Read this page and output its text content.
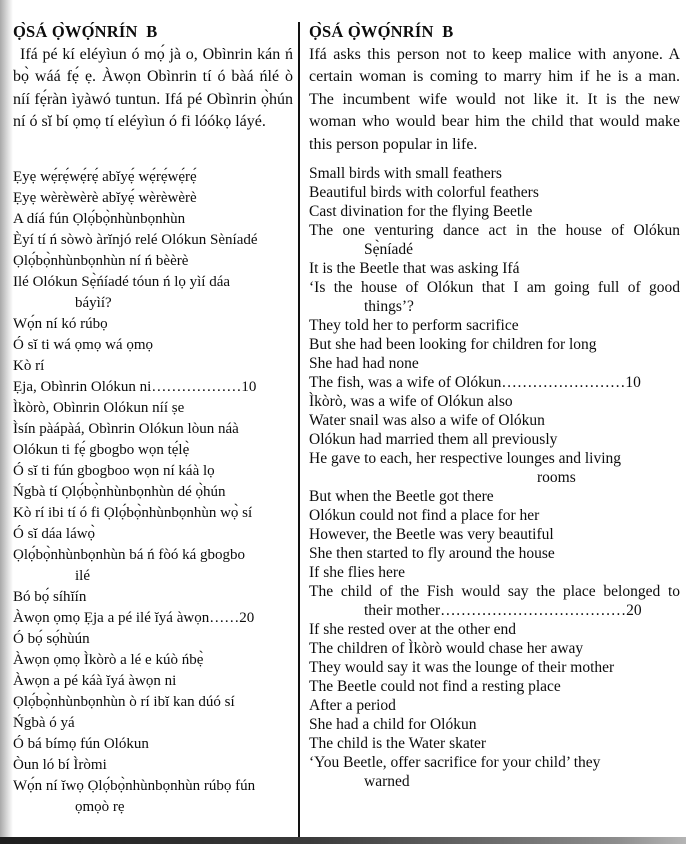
Ọ̀SÁ Ọ̀WỌ́NRÍN  B

Ifá pé kí eléyìun ó mọ́ jà o, Obìnrin kán ń bọ̀ wáá fẹ́ ẹ. Àwọn Obìnrin tí ó bàá ńlé ò níí fẹ́ràn ìyàwó tuntun. Ifá pé Obìnrin ọ̀hún ní ó sĭ bí ọmọ tí eléyìun ó fi lóókọ láyé.

Ẹyẹ wẹ́rẹ́wẹ́rẹ́ abĭyẹ́ wẹ́rẹ́wẹ́rẹ́
Ẹyẹ wèrèwèrè abĭyẹ́ wèrèwèrè
A díá fún Ọlọ́bọ̀nhùnbọnhùn
Èyí tí ń sòwò àrĭnjó relé Olókun Sèníadé
Ọlọ́bọ̀nhùnbọnhùn ní ń bèèrè
Ilé Olókun Sẹ̀ńíadé tóun ń lọ yìí dáa
báyìí?
Wọ́n ní kó rúbọ
Ó sĭ ti wá ọmọ wá ọmọ
Kò rí
Ẹja, Obìnrin Olókun ni………………10
Ìkòrò, Obìnrin Olókun níí ṣe
Ìsín pàápàá, Obìnrin Olókun lòun náà
Olókun ti fẹ́ gbogbo wọn tẹ́lẹ̀
Ó sĭ ti fún gbogboo wọn ní káà lọ
Ńgbà tí Ọlọ́bọ̀nhùnbọnhùn dé ọ̀hún
Kò rí ibi tí ó fi Ọlọ́bọ̀nhùnbọnhùn wọ̀ sí
Ó sĭ dáa láwọ̀
Ọlọ́bọ̀nhùnbọnhùn bá ń fòó ká gbogbo
ilé
Bó bọ́ síhĭín
Àwọn ọmọ Ẹja a pé ilé ĭyá àwọn……20
Ó bọ́ sọ́hùún
Àwọn ọmọ Ìkòrò a lé e kúò ńbẹ̀
Àwọn a pé káà ĭyá àwọn ni
Ọlọ́bọ̀nhùnbọnhùn ò rí ibĭ kan dúó sí
Ńgbà ó yá
Ó bá bímọ fún Olókun
Òun ló bí Ìròmi
Wọ́n ní ĭwọ Ọlọ́bọ̀nhùnbọnhùn rúbọ fún
ọmọò rẹ
Ọ̀SÁ Ọ̀WỌ́NRÍN  B

Ifá asks this person not to keep malice with anyone. A certain woman is coming to marry him if he is a man. The incumbent wife would not like it. It is the new woman who would bear him the child that would make this person popular in life.

Small birds with small feathers
Beautiful birds with colorful feathers
Cast divination for the flying Beetle
The one venturing dance act in the house of Olókun
Sẹ̀níadé
It is the Beetle that was asking Ifá
‘Is the house of Olókun that I am going full of good
things’?
They told her to perform sacrifice
But she had been looking for children for long
She had had none
The fish, was a wife of Olókun……………………10
Ìkòrò, was a wife of Olókun also
Water snail was also a wife of Olókun
Olókun had married them all previously
He gave to each, her respective lounges and living
rooms
But when the Beetle got there
Olókun could not find a place for her
However, the Beetle was very beautiful
She then started to fly around the house
If she flies here
The child of the Fish would say the place belonged to
their mother………………………………20
If she rested over at the other end
The children of Ìkòrò would chase her away
They would say it was the lounge of their mother
The Beetle could not find a resting place
After a period
She had a child for Olókun
The child is the Water skater
‘You Beetle, offer sacrifice for your child’ they
warned
